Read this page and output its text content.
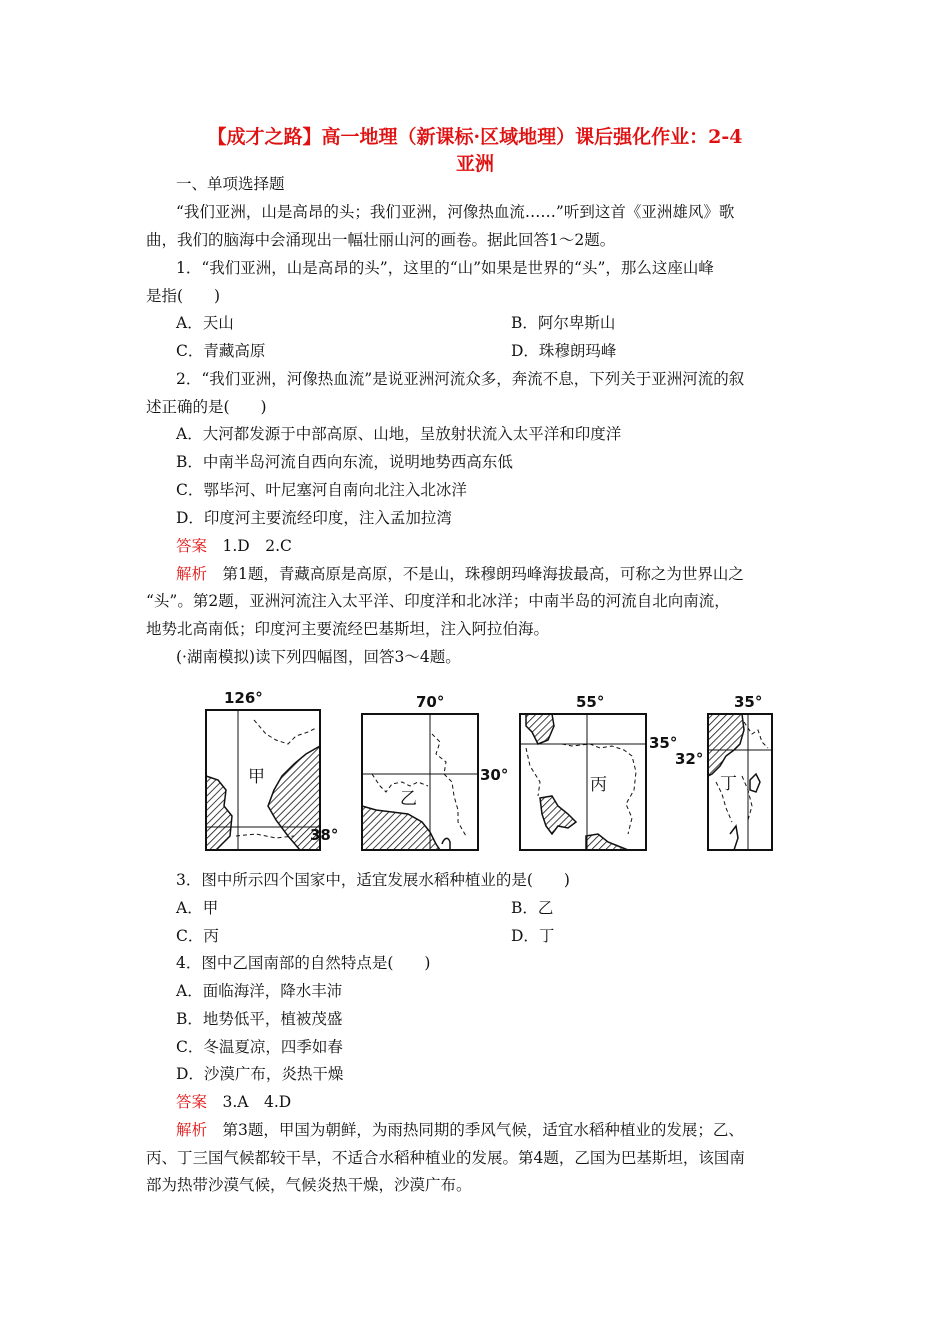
【成才之路】高一地理（新课标·区域地理）课后强化作业：2-4
亚洲
一、单项选择题
“我们亚洲，山是高昂的头；我们亚洲，河像热血流……”听到这首《亚洲雄风》歌
曲，我们的脑海中会涌现出一幅壮丽山河的画卷。据此回答1～2题。
1．“我们亚洲，山是高昂的头”，这里的“山”如果是世界的“头”，那么这座山峰
是指(　　)
A．天山	B．阿尔卑斯山
C．青藏高原	D．珠穆朗玛峰
2．“我们亚洲，河像热血流”是说亚洲河流众多，奔流不息，下列关于亚洲河流的叙
述正确的是(　　)
A．大河都发源于中部高原、山地，呈放射状流入太平洋和印度洋
B．中南半岛河流自西向东流，说明地势西高东低
C．鄂毕河、叶尼塞河自南向北注入北冰洋
D．印度河主要流经印度，注入孟加拉湾
答案　1.D　2.C
解析　第1题，青藏高原是高原，不是山，珠穆朗玛峰海拔最高，可称之为世界山之
“头”。第2题，亚洲河流注入太平洋、印度洋和北冰洋；中南半岛的河流自北向南流，
地势北高南低；印度河主要流经巴基斯坦，注入阿拉伯海。
(·湖南模拟)读下列四幅图，回答3～4题。
126°
38°
甲
70°
30°
乙
55°
35°
丙
35°
32°
丁
3．图中所示四个国家中，适宜发展水稻种植业的是(　　)
A．甲	B．乙
C．丙	D．丁
4．图中乙国南部的自然特点是(　　)
A．面临海洋，降水丰沛
B．地势低平，植被茂盛
C．冬温夏凉，四季如春
D．沙漠广布，炎热干燥
答案　3.A　4.D
解析　第3题，甲国为朝鲜，为雨热同期的季风气候，适宜水稻种植业的发展；乙、
丙、丁三国气候都较干旱，不适合水稻种植业的发展。第4题，乙国为巴基斯坦，该国南
部为热带沙漠气候，气候炎热干燥，沙漠广布。
